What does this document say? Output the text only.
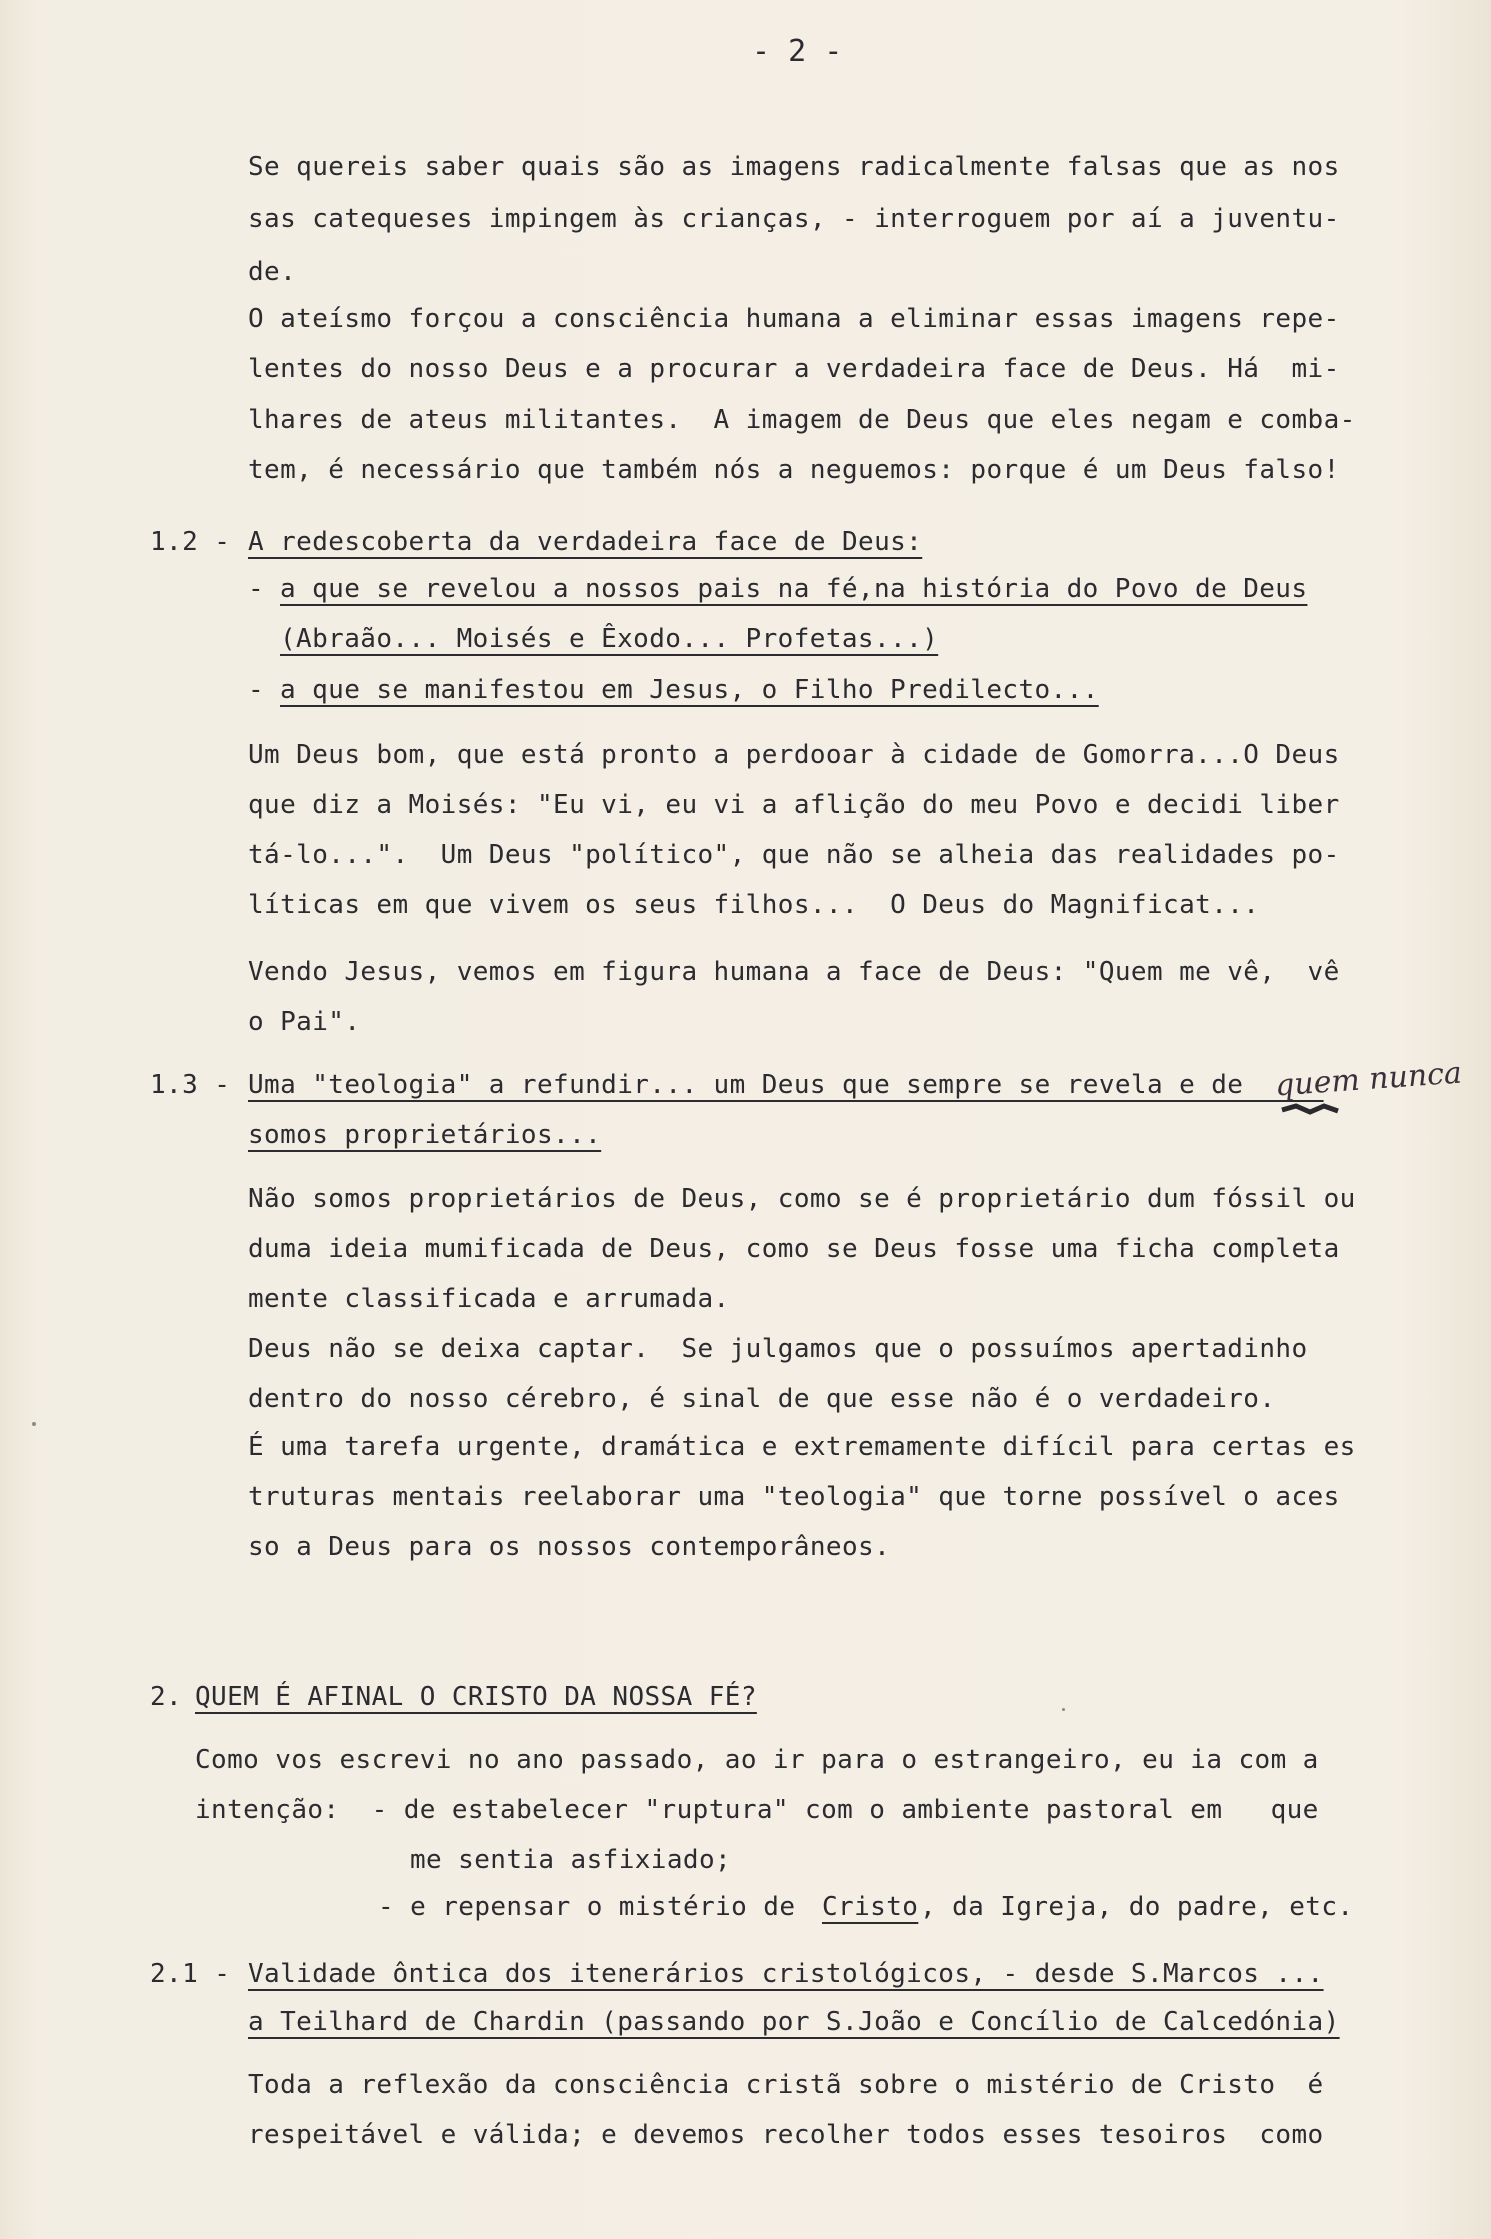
- 2 -
Se quereis saber quais são as imagens radicalmente falsas que as nos
sas catequeses impingem às crianças, - interroguem por aí a juventu-
de.
O ateísmo forçou a consciência humana a eliminar essas imagens repe-
lentes do nosso Deus e a procurar a verdadeira face de Deus. Há  mi-
lhares de ateus militantes.  A imagem de Deus que eles negam e comba-
tem, é necessário que também nós a neguemos: porque é um Deus falso!
1.2 - A redescoberta da verdadeira face de Deus:
- a que se revelou a nossos pais na fé,na história do Povo de Deus
(Abraão... Moisés e Êxodo... Profetas...)
- a que se manifestou em Jesus, o Filho Predilecto...
Um Deus bom, que está pronto a perdooar à cidade de Gomorra...O Deus
que diz a Moisés: "Eu vi, eu vi a aflição do meu Povo e decidi liber
tá-lo...".  Um Deus "político", que não se alheia das realidades po-
líticas em que vivem os seus filhos...  O Deus do Magnificat...
Vendo Jesus, vemos em figura humana a face de Deus: "Quem me vê,  vê
o Pai".
1.3 - Uma "teologia" a refundir... um Deus que sempre se revela e de
somos proprietários...
Não somos proprietários de Deus, como se é proprietário dum fóssil ou
duma ideia mumificada de Deus, como se Deus fosse uma ficha completa
mente classificada e arrumada.
Deus não se deixa captar.  Se julgamos que o possuímos apertadinho
dentro do nosso cérebro, é sinal de que esse não é o verdadeiro.
É uma tarefa urgente, dramática e extremamente difícil para certas es
truturas mentais reelaborar uma "teologia" que torne possível o aces
so a Deus para os nossos contemporâneos.
2.
QUEM É AFINAL O CRISTO DA NOSSA FÉ?
Como vos escrevi no ano passado, ao ir para o estrangeiro, eu ia com a
intenção:  - de estabelecer "ruptura" com o ambiente pastoral em   que
me sentia asfixiado;
- e repensar o mistério de Cristo , da Igreja, do padre, etc.
2.1 - Validade ôntica dos itenerários cristológicos, - desde S.Marcos ...
a Teilhard de Chardin (passando por S.João e Concílio de Calcedónia)
Toda a reflexão da consciência cristã sobre o mistério de Cristo  é
respeitável e válida; e devemos recolher todos esses tesoiros  como
quem nunca
